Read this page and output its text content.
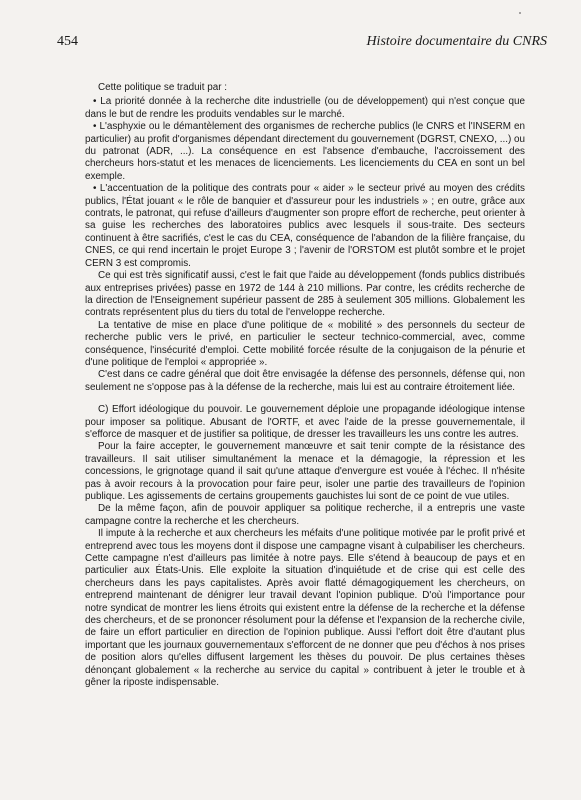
454	Histoire documentaire du CNRS

Cette politique se traduit par :

• La priorité donnée à la recherche dite industrielle (ou de développement) qui n'est conçue que dans le but de rendre les produits vendables sur le marché.

• L'asphyxie ou le démantèlement des organismes de recherche publics (le CNRS et l'INSERM en particulier) au profit d'organismes dépendant directement du gouvernement (DGRST, CNEXO, ...) ou du patronat (ADR, ...). La conséquence en est l'absence d'embauche, l'accroissement des chercheurs hors-statut et les menaces de licenciements. Les licenciements du CEA en sont un bel exemple.

• L'accentuation de la politique des contrats pour « aider » le secteur privé au moyen des crédits publics, l'État jouant « le rôle de banquier et d'assureur pour les industriels » ; en outre, grâce aux contrats, le patronat, qui refuse d'ailleurs d'augmenter son propre effort de recherche, peut orienter à sa guise les recherches des laboratoires publics avec lesquels il sous-traite. Des secteurs continuent à être sacrifiés, c'est le cas du CEA, conséquence de l'abandon de la filière française, du CNES, ce qui rend incertain le projet Europe 3 ; l'avenir de l'ORSTOM est plutôt sombre et le projet CERN 3 est compromis.

Ce qui est très significatif aussi, c'est le fait que l'aide au développement (fonds publics distribués aux entreprises privées) passe en 1972 de 144 à 210 millions. Par contre, les crédits recherche de la direction de l'Enseignement supérieur passent de 285 à seulement 305 millions. Globalement les contrats représentent plus du tiers du total de l'enveloppe recherche.

La tentative de mise en place d'une politique de « mobilité » des personnels du secteur de recherche public vers le privé, en particulier le secteur technico-commercial, avec, comme conséquence, l'insécurité d'emploi. Cette mobilité forcée résulte de la conjugaison de la pénurie et d'une politique de l'emploi « appropriée ».

C'est dans ce cadre général que doit être envisagée la défense des personnels, défense qui, non seulement ne s'oppose pas à la défense de la recherche, mais lui est au contraire étroitement liée.

C) Effort idéologique du pouvoir. Le gouvernement déploie une propagande idéologique intense pour imposer sa politique. Abusant de l'ORTF, et avec l'aide de la presse gouvernementale, il s'efforce de masquer et de justifier sa politique, de dresser les travailleurs les uns contre les autres.

Pour la faire accepter, le gouvernement manœuvre et sait tenir compte de la résistance des travailleurs. Il sait utiliser simultanément la menace et la démagogie, la répression et les concessions, le grignotage quand il sait qu'une attaque d'envergure est vouée à l'échec. Il n'hésite pas à avoir recours à la provocation pour faire peur, isoler une partie des travailleurs de l'opinion publique. Les agissements de certains groupements gauchistes lui sont de ce point de vue utiles.

De la même façon, afin de pouvoir appliquer sa politique recherche, il a entrepris une vaste campagne contre la recherche et les chercheurs.

Il impute à la recherche et aux chercheurs les méfaits d'une politique motivée par le profit privé et entreprend avec tous les moyens dont il dispose une campagne visant à culpabiliser les chercheurs. Cette campagne n'est d'ailleurs pas limitée à notre pays. Elle s'étend à beaucoup de pays et en particulier aux États-Unis. Elle exploite la situation d'inquiétude et de crise qui est celle des chercheurs dans les pays capitalistes. Après avoir flatté démagogiquement les chercheurs, on entreprend maintenant de dénigrer leur travail devant l'opinion publique. D'où l'importance pour notre syndicat de montrer les liens étroits qui existent entre la défense de la recherche et la défense des chercheurs, et de se prononcer résolument pour la défense et l'expansion de la recherche civile, de faire un effort particulier en direction de l'opinion publique. Aussi l'effort doit être d'autant plus important que les journaux gouvernementaux s'efforcent de ne donner que peu d'échos à nos prises de position alors qu'elles diffusent largement les thèses du pouvoir. De plus certaines thèses dénonçant globalement « la recherche au service du capital » contribuent à jeter le trouble et à gêner la riposte indispensable.
